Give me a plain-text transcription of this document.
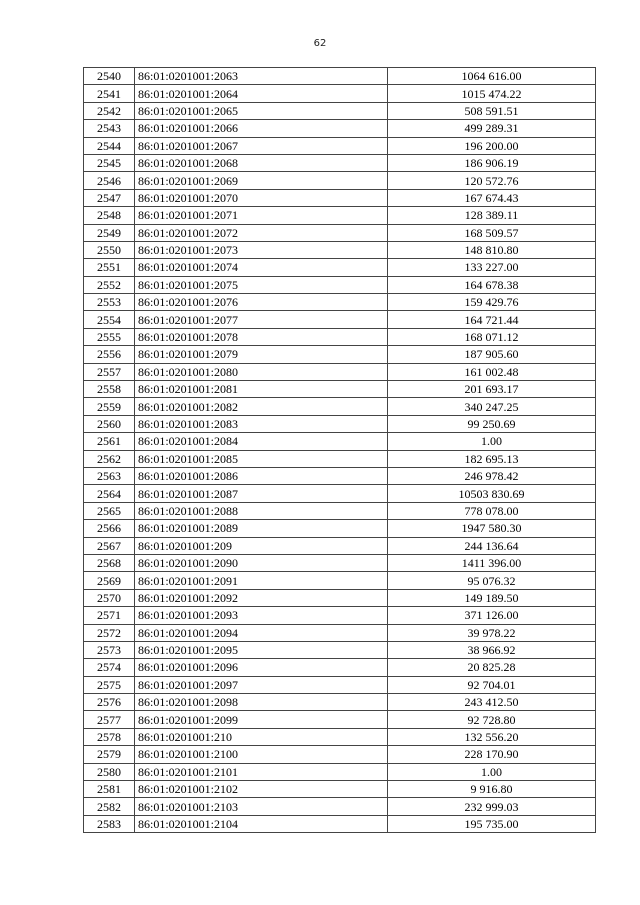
62
2540	86:01:0201001:2063	1064 616.00
2541	86:01:0201001:2064	1015 474.22
2542	86:01:0201001:2065	508 591.51
2543	86:01:0201001:2066	499 289.31
2544	86:01:0201001:2067	196 200.00
2545	86:01:0201001:2068	186 906.19
2546	86:01:0201001:2069	120 572.76
2547	86:01:0201001:2070	167 674.43
2548	86:01:0201001:2071	128 389.11
2549	86:01:0201001:2072	168 509.57
2550	86:01:0201001:2073	148 810.80
2551	86:01:0201001:2074	133 227.00
2552	86:01:0201001:2075	164 678.38
2553	86:01:0201001:2076	159 429.76
2554	86:01:0201001:2077	164 721.44
2555	86:01:0201001:2078	168 071.12
2556	86:01:0201001:2079	187 905.60
2557	86:01:0201001:2080	161 002.48
2558	86:01:0201001:2081	201 693.17
2559	86:01:0201001:2082	340 247.25
2560	86:01:0201001:2083	99 250.69
2561	86:01:0201001:2084	1.00
2562	86:01:0201001:2085	182 695.13
2563	86:01:0201001:2086	246 978.42
2564	86:01:0201001:2087	10503 830.69
2565	86:01:0201001:2088	778 078.00
2566	86:01:0201001:2089	1947 580.30
2567	86:01:0201001:209	244 136.64
2568	86:01:0201001:2090	1411 396.00
2569	86:01:0201001:2091	95 076.32
2570	86:01:0201001:2092	149 189.50
2571	86:01:0201001:2093	371 126.00
2572	86:01:0201001:2094	39 978.22
2573	86:01:0201001:2095	38 966.92
2574	86:01:0201001:2096	20 825.28
2575	86:01:0201001:2097	92 704.01
2576	86:01:0201001:2098	243 412.50
2577	86:01:0201001:2099	92 728.80
2578	86:01:0201001:210	132 556.20
2579	86:01:0201001:2100	228 170.90
2580	86:01:0201001:2101	1.00
2581	86:01:0201001:2102	9 916.80
2582	86:01:0201001:2103	232 999.03
2583	86:01:0201001:2104	195 735.00
